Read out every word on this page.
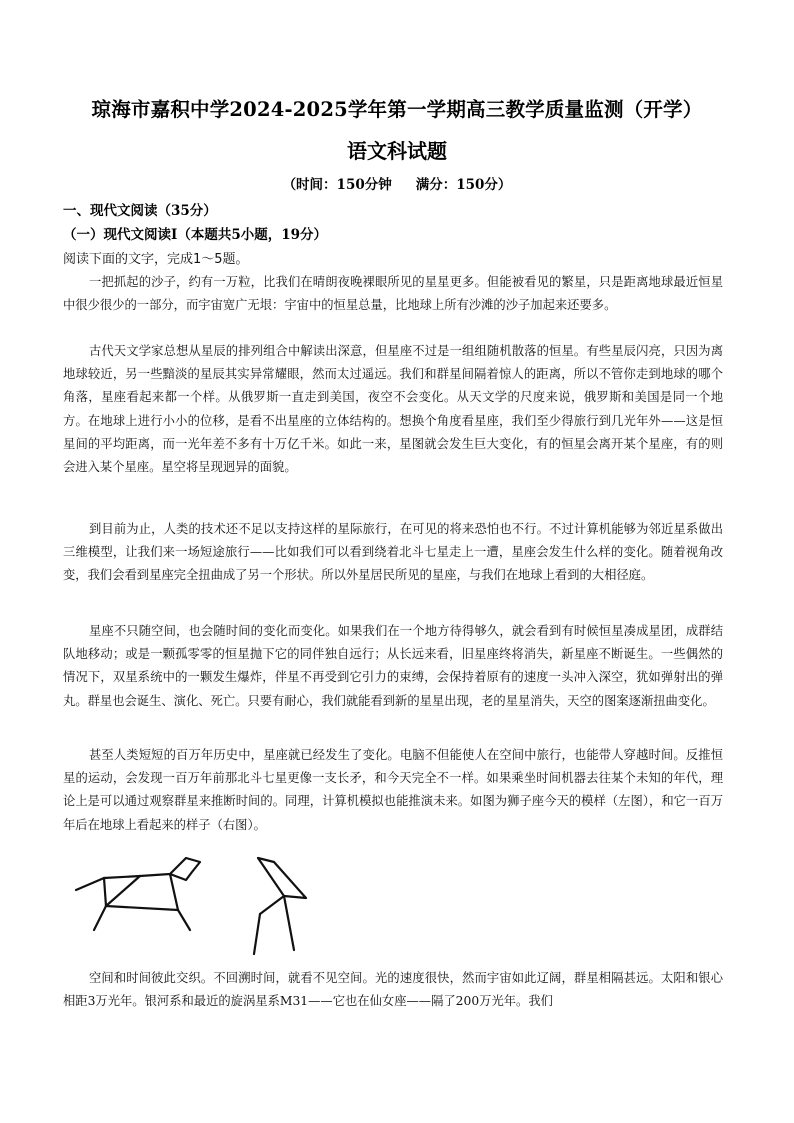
琼海市嘉积中学2024-2025学年第一学期高三教学质量监测（开学）
语文科试题
（时间：150分钟 满分：150分）
一、现代文阅读（35分）
（一）现代文阅读Ⅰ（本题共5小题，19分）
阅读下面的文字，完成1～5题。

一把抓起的沙子，约有一万粒，比我们在晴朗夜晚裸眼所见的星星更多。但能被看见的繁星，只是距离地球最近恒星中很少很少的一部分，而宇宙宽广无垠：宇宙中的恒星总量，比地球上所有沙滩的沙子加起来还要多。

古代天文学家总想从星辰的排列组合中解读出深意，但星座不过是一组组随机散落的恒星。有些星辰闪亮，只因为离地球较近，另一些黯淡的星辰其实异常耀眼，然而太过遥远。我们和群星间隔着惊人的距离，所以不管你走到地球的哪个角落，星座看起来都一个样。从俄罗斯一直走到美国，夜空不会变化。从天文学的尺度来说，俄罗斯和美国是同一个地方。在地球上进行小小的位移，是看不出星座的立体结构的。想换个角度看星座，我们至少得旅行到几光年外——这是恒星间的平均距离，而一光年差不多有十万亿千米。如此一来，星图就会发生巨大变化，有的恒星会离开某个星座，有的则会进入某个星座。星空将呈现迥异的面貌。

到目前为止，人类的技术还不足以支持这样的星际旅行，在可见的将来恐怕也不行。不过计算机能够为邻近星系做出三维模型，让我们来一场短途旅行——比如我们可以看到绕着北斗七星走上一遭，星座会发生什么样的变化。随着视角改变，我们会看到星座完全扭曲成了另一个形状。所以外星居民所见的星座，与我们在地球上看到的大相径庭。

星座不只随空间，也会随时间的变化而变化。如果我们在一个地方待得够久，就会看到有时候恒星凑成星团，成群结队地移动；或是一颗孤零零的恒星抛下它的同伴独自远行；从长远来看，旧星座终将消失，新星座不断诞生。一些偶然的情况下，双星系统中的一颗发生爆炸，伴星不再受到它引力的束缚，会保持着原有的速度一头冲入深空，犹如弹射出的弹丸。群星也会诞生、演化、死亡。只要有耐心，我们就能看到新的星星出现，老的星星消失，天空的图案逐渐扭曲变化。

甚至人类短短的百万年历史中，星座就已经发生了变化。电脑不但能使人在空间中旅行，也能带人穿越时间。反推恒星的运动，会发现一百万年前那北斗七星更像一支长矛，和今天完全不一样。如果乘坐时间机器去往某个未知的年代，理论上是可以通过观察群星来推断时间的。同理，计算机模拟也能推演未来。如图为狮子座今天的模样（左图），和它一百万年后在地球上看起来的样子（右图）。

空间和时间彼此交织。不回溯时间，就看不见空间。光的速度很快，然而宇宙如此辽阔，群星相隔甚远。太阳和银心相距3万光年。银河系和最近的旋涡星系M31——它也在仙女座——隔了200万光年。我们
